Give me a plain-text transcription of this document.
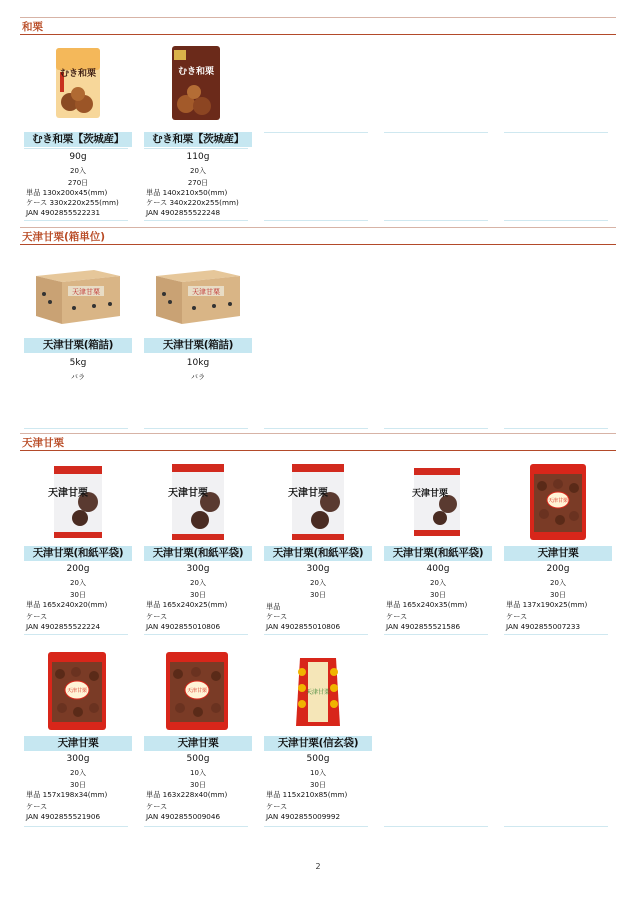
和栗
むき和栗
むき和栗【茨城産】
90g
20入
270日
単品 130x200x45(mm)
ケース 330x220x255(mm)
JAN 4902855522231
むき和栗
むき和栗【茨城産】
110g
20入
270日
単品 140x210x50(mm)
ケース 340x220x255(mm)
JAN 4902855522248
天津甘栗(箱単位)
天津甘栗
天津甘栗(箱詰)
5kg
バラ
天津甘栗
天津甘栗(箱詰)
10kg
バラ
天津甘栗
天津甘栗
天津甘栗(和紙平袋)
200g
20入
30日
単品 165x240x20(mm)
ケース
JAN 4902855522224
天津甘栗
天津甘栗(和紙平袋)
300g
20入
30日
単品 165x240x25(mm)
ケース
JAN 4902855010806
天津甘栗
天津甘栗(和紙平袋)
300g
20入
30日
単品
ケース
JAN 4902855010806
天津甘栗
天津甘栗(和紙平袋)
400g
20入
30日
単品 165x240x35(mm)
ケース
JAN 4902855521586
天津甘栗
天津甘栗
200g
20入
30日
単品 137x190x25(mm)
ケース
JAN 4902855007233
天津甘栗
天津甘栗
300g
20入
30日
単品 157x198x34(mm)
ケース
JAN 4902855521906
天津甘栗
天津甘栗
500g
10入
30日
単品 163x228x40(mm)
ケース
JAN 4902855009046
天津甘栗
天津甘栗(信玄袋)
500g
10入
30日
単品 115x210x85(mm)
ケース
JAN 4902855009992
2
